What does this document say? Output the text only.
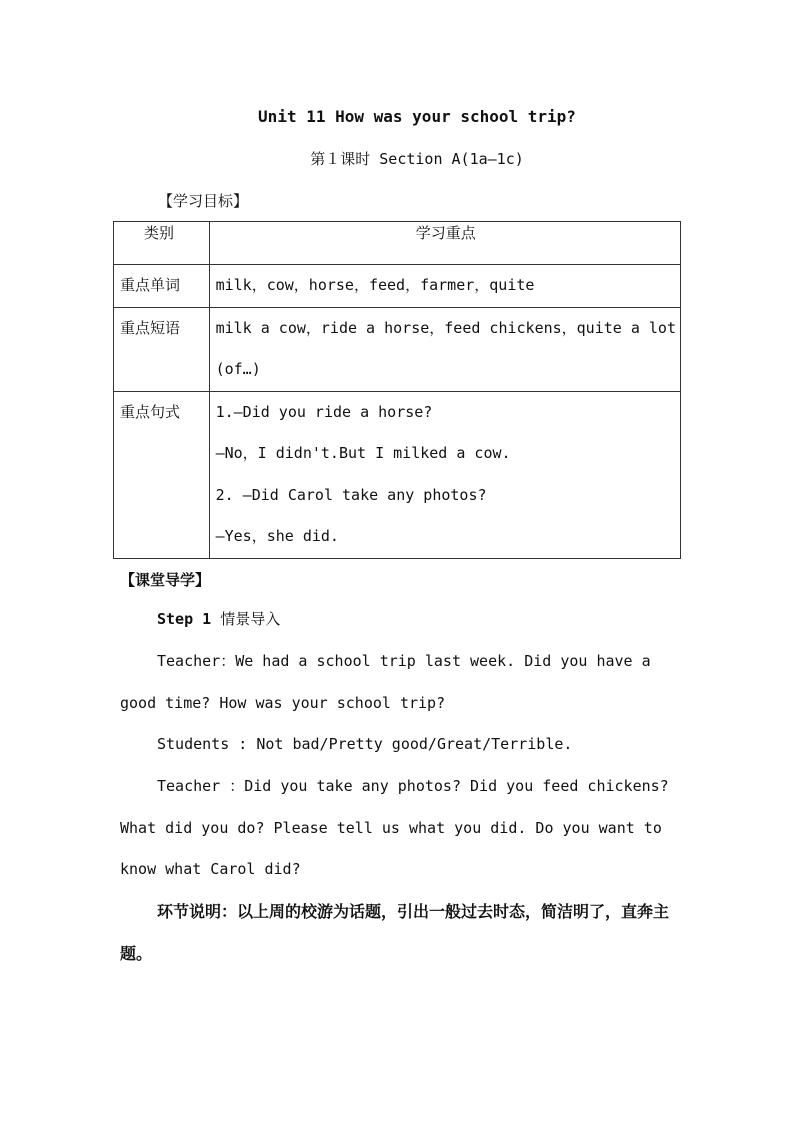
Unit 11 How was your school trip?
第１课时 Section A(1a—1c)
【学习目标】
类别	学习重点

重点单词	milk，cow，horse，feed，farmer，quite

重点短语	milk a cow，ride a horse，feed chickens，quite a lot
(of…)

重点句式	1.—Did you ride a horse?
—No，I didn't.But I milked a cow.
2. —Did Carol take any photos?
—Yes，she did.
【课堂导学】
Step 1 情景导入
Teacher：We had a school trip last week. Did you have a good time? How was your school trip?
Students : Not bad/Pretty good/Great/Terrible.
Teacher ：Did you take any photos? Did you feed chickens? What did you do? Please tell us what you did. Do you want to know what Carol did?
环节说明：以上周的校游为话题，引出一般过去时态，简洁明了，直奔主题。
